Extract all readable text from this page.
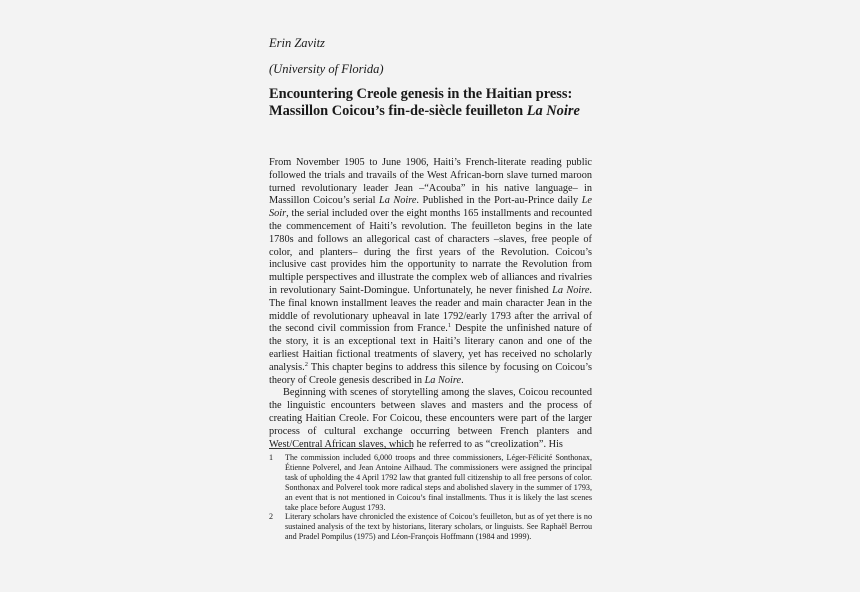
Erin Zavitz
(University of Florida)
Encountering Creole genesis in the Haitian press:
Massillon Coicou’s fin-de-siècle feuilleton La Noire

From November 1905 to June 1906, Haiti’s French-literate reading public followed the trials and travails of the West African-born slave turned maroon turned revolutionary leader Jean –“Acouba” in his native language– in Massillon Coicou’s serial La Noire. Published in the Port-au-Prince daily Le Soir, the serial included over the eight months 165 installments and recounted the commencement of Haiti’s revolution. The feuilleton begins in the late 1780s and follows an allegorical cast of characters –slaves, free people of color, and planters– during the first years of the Revolution. Coicou’s inclusive cast provides him the opportunity to narrate the Revolution from multiple perspectives and illustrate the complex web of alliances and rivalries in revolutionary Saint-Domingue. Unfortunately, he never finished La Noire. The final known installment leaves the reader and main character Jean in the middle of revolutionary upheaval in late 1792/early 1793 after the arrival of the second civil commission from France.$^1$ Despite the unfinished nature of the story, it is an exceptional text in Haiti’s literary canon and one of the earliest Haitian fictional treatments of slavery, yet has received no scholarly analysis.$^2$ This chapter begins to address this silence by focusing on Coicou’s theory of Creole genesis described in La Noire.

Beginning with scenes of storytelling among the slaves, Coicou recounted the linguistic encounters between slaves and masters and the process of creating Haitian Creole. For Coicou, these encounters were part of the larger process of cultural exchange occurring between French planters and West/Central African slaves, which he referred to as “creolization”. His

1	The commission included 6,000 troops and three commissioners, Léger-Félicité Sonthonax, Étienne Polverel, and Jean Antoine Ailhaud. The commissioners were assigned the principal task of upholding the 4 April 1792 law that granted full citizenship to all free persons of color. Sonthonax and Polverel took more radical steps and abolished slavery in the summer of 1793, an event that is not mentioned in Coicou’s final installments. Thus it is likely the last scenes take place before August 1793.
2	Literary scholars have chronicled the existence of Coicou’s feuilleton, but as of yet there is no sustained analysis of the text by historians, literary scholars, or linguists. See Raphaël Berrou and Pradel Pompilus (1975) and Léon-François Hoffmann (1984 and 1999).
